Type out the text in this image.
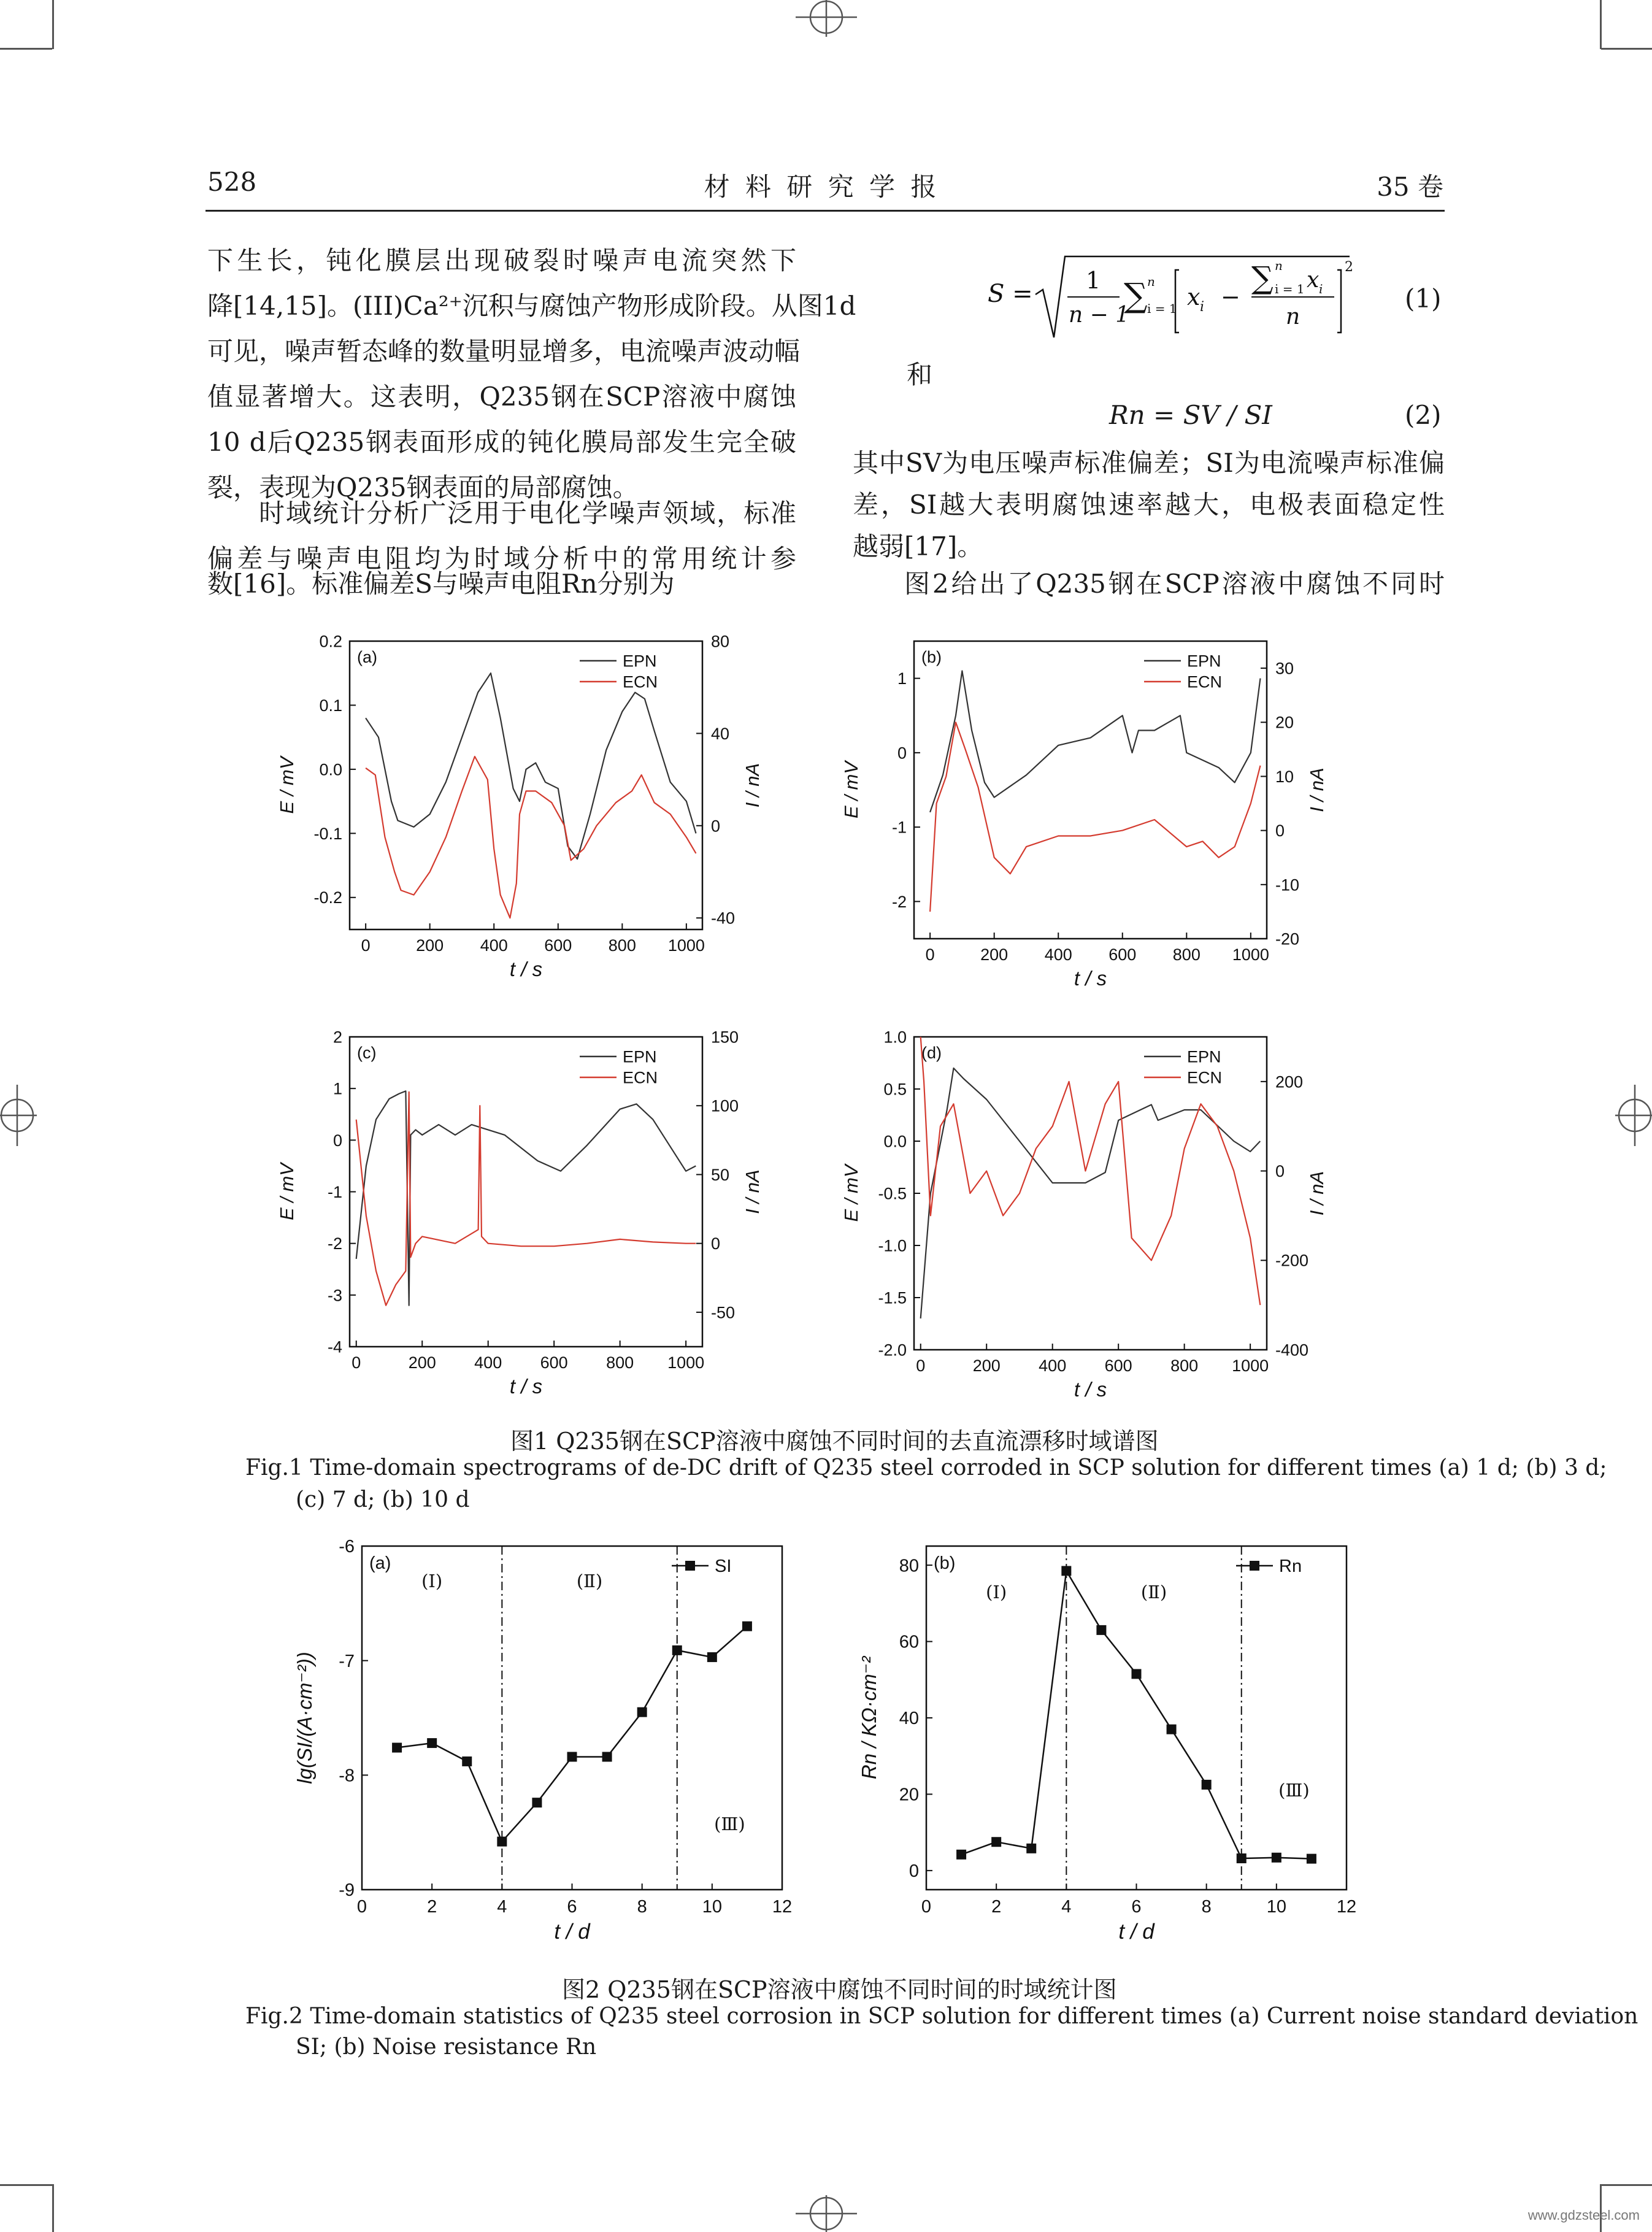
528	材 料 研 究 学 报	35 卷
下生长，钝化膜层出现破裂时噪声电流突然下
降[14,15]。(III)Ca²⁺沉积与腐蚀产物形成阶段。从图1d
可见，噪声暂态峰的数量明显增多，电流噪声波动幅
值显著增大。这表明，Q235钢在SCP溶液中腐蚀
10 d后Q235钢表面形成的钝化膜局部发生完全破
裂，表现为Q235钢表面的局部腐蚀。
时域统计分析广泛用于电化学噪声领域，标准
偏差与噪声电阻均为时域分析中的常用统计参
数[16]。标准偏差S与噪声电阻Rn分别为
S = 1
n − 1
∑ n
i = 1 x i −
∑ n
i = 1 x i
n
2
(1)
和
Rn = SV / SI	(2)
其中SV为电压噪声标准偏差；SI为电流噪声标准偏
差，SI越大表明腐蚀速率越大，电极表面稳定性
越弱[17]。
图2给出了Q235钢在SCP溶液中腐蚀不同时
0	200 400 600 800 1000
-0.2
-0.1
0.0
0.1
0.2
-40
0
40
80
t / s
E / mV	I / nA
(a)	EPN
ECN
0	200 400 600 800 1000
-2
-1
0
1
-20
-10
0
10
20
30
t / s
E / mV	I / nA
(b)	EPN
ECN
0	200 400 600 800 1000
-4
-3
-2
-1
0
1
2
-50
0
50
100
150
t / s
E / mV	I / nA
(c)	EPN
ECN
0	200 400 600 800 1000
-2.0
-1.5
-1.0
-0.5
0.0
0.5
1.0
-400
-200
0
200
t / s
E / mV	I / nA
(d)	EPN
ECN
图1 Q235钢在SCP溶液中腐蚀不同时间的去直流漂移时域谱图
Fig.1 Time-domain spectrograms of de-DC drift of Q235 steel corroded in SCP solution for different times (a) 1 d; (b) 3 d;
(c) 7 d; (b) 10 d
0	2	4	6	8	10	12
-9
-8
-7
-6
t / d
lg(SI/(A·cm⁻²))
(a)
(Ⅰ)	(Ⅱ)
(Ⅲ)
SI
0	2	4	6	8	10	12
0
20
40
60
80
t / d
Rn / KΩ·cm⁻²
(b)
(Ⅰ)	(Ⅱ)
(Ⅲ)
Rn
图2 Q235钢在SCP溶液中腐蚀不同时间的时域统计图
Fig.2 Time-domain statistics of Q235 steel corrosion in SCP solution for different times (a) Current noise standard deviation
SI; (b) Noise resistance Rn
www.gdzsteel.com
